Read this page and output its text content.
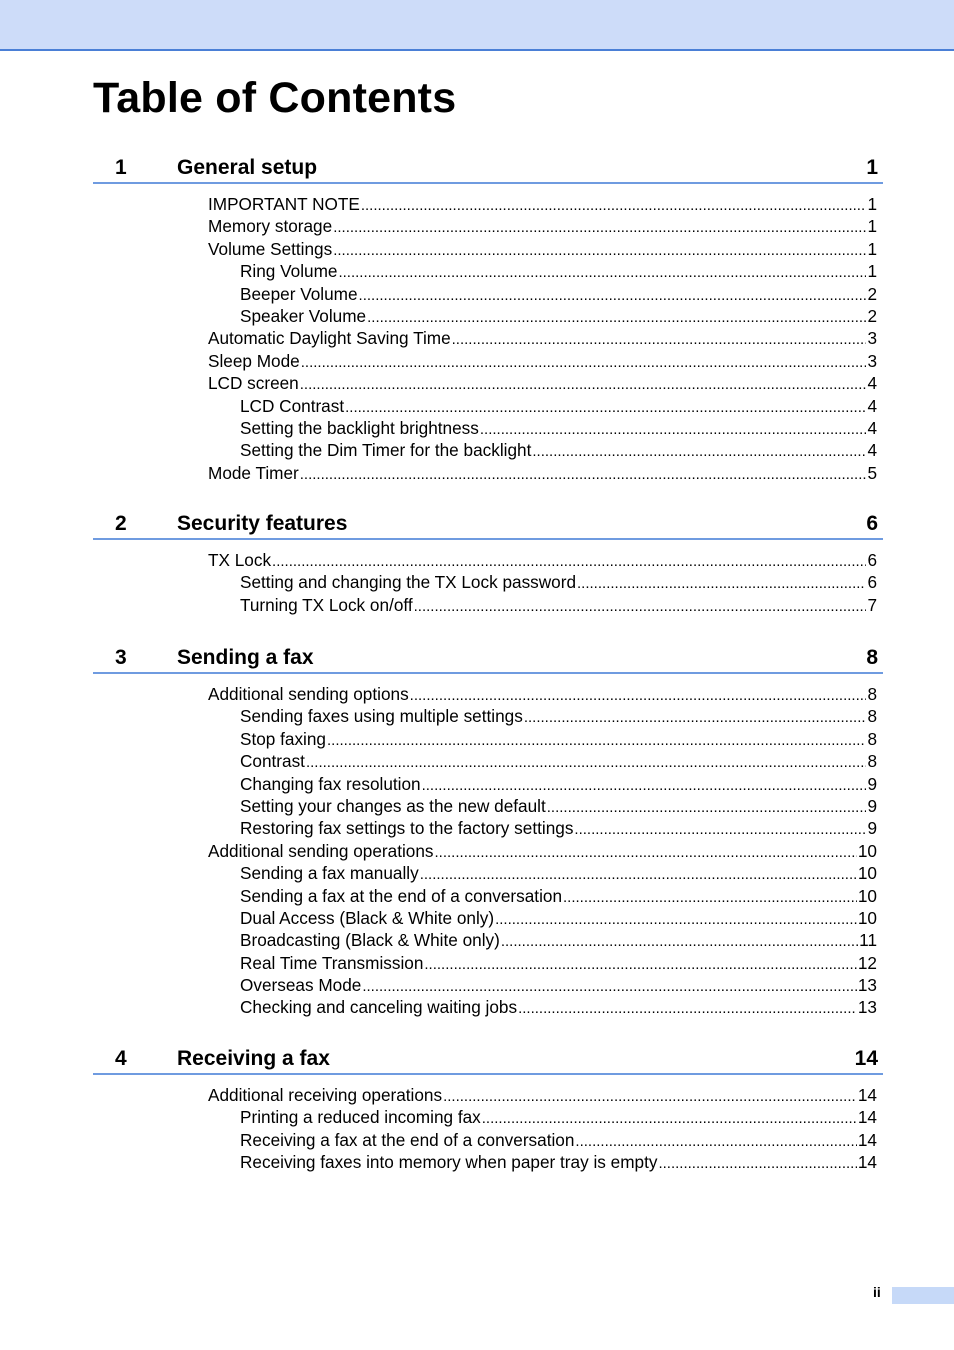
Table of Contents
1 General setup	1
IMPORTANT NOTE .....	1
Memory storage .....	1
Volume Settings .....	1
Ring Volume .....	1
Beeper Volume .....	2
Speaker Volume .....	2
Automatic Daylight Saving Time .....	3
Sleep Mode .....	3
LCD screen .....	4
LCD Contrast .....	4
Setting the backlight brightness .....	4
Setting the Dim Timer for the backlight .....	4
Mode Timer .....	5
2 Security features	6
TX Lock .....	6
Setting and changing the TX Lock password .....	6
Turning TX Lock on/off .....	7
3 Sending a fax	8
Additional sending options .....	8
Sending faxes using multiple settings .....	8
Stop faxing .....	8
Contrast .....	8
Changing fax resolution .....	9
Setting your changes as the new default .....	9
Restoring fax settings to the factory settings .....	9
Additional sending operations .....	10
Sending a fax manually .....	10
Sending a fax at the end of a conversation .....	10
Dual Access (Black & White only) .....	10
Broadcasting (Black & White only) .....	11
Real Time Transmission .....	12
Overseas Mode .....	13
Checking and canceling waiting jobs .....	13
4 Receiving a fax	14
Additional receiving operations .....	14
Printing a reduced incoming fax .....	14
Receiving a fax at the end of a conversation .....	14
Receiving faxes into memory when paper tray is empty .....	14
ii
